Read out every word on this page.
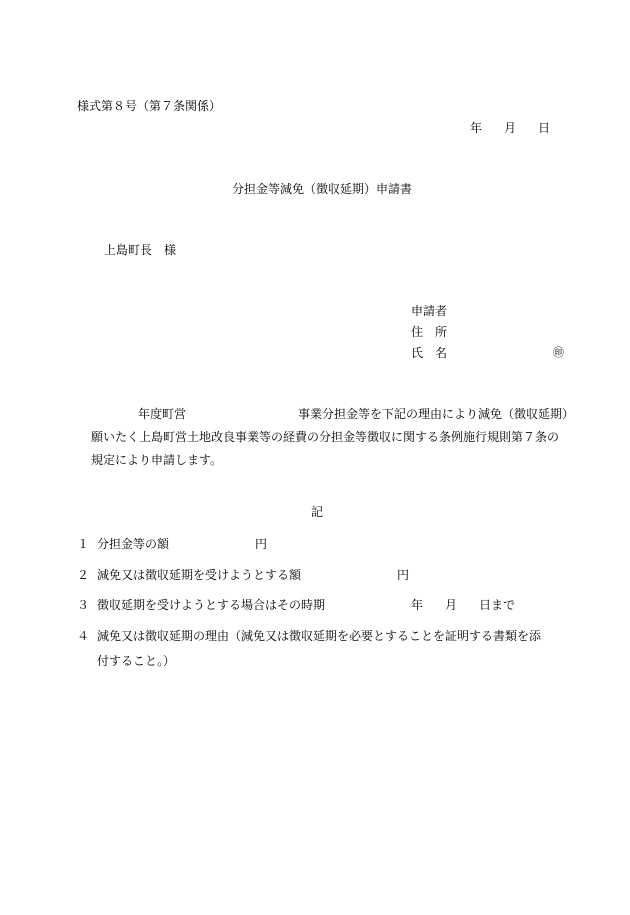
様式第８号（第７条関係）
年 月 日
分担金等減免（徴収延期）申請書
上島町長　様
申請者
住　所
氏　名	㊞
年度町営	事業分担金等を下記の理由により減免（徴収延期）
願いたく上島町営土地改良事業等の経費の分担金等徴収に関する条例施行規則第７条の
規定により申請します。
記
１ 分担金等の額	円
２ 減免又は徴収延期を受けようとする額	円
３ 徴収延期を受けようとする場合はその時期	年 月 日まで
４ 減免又は徴収延期の理由（減免又は徴収延期を必要とすることを証明する書類を添
付すること。）
